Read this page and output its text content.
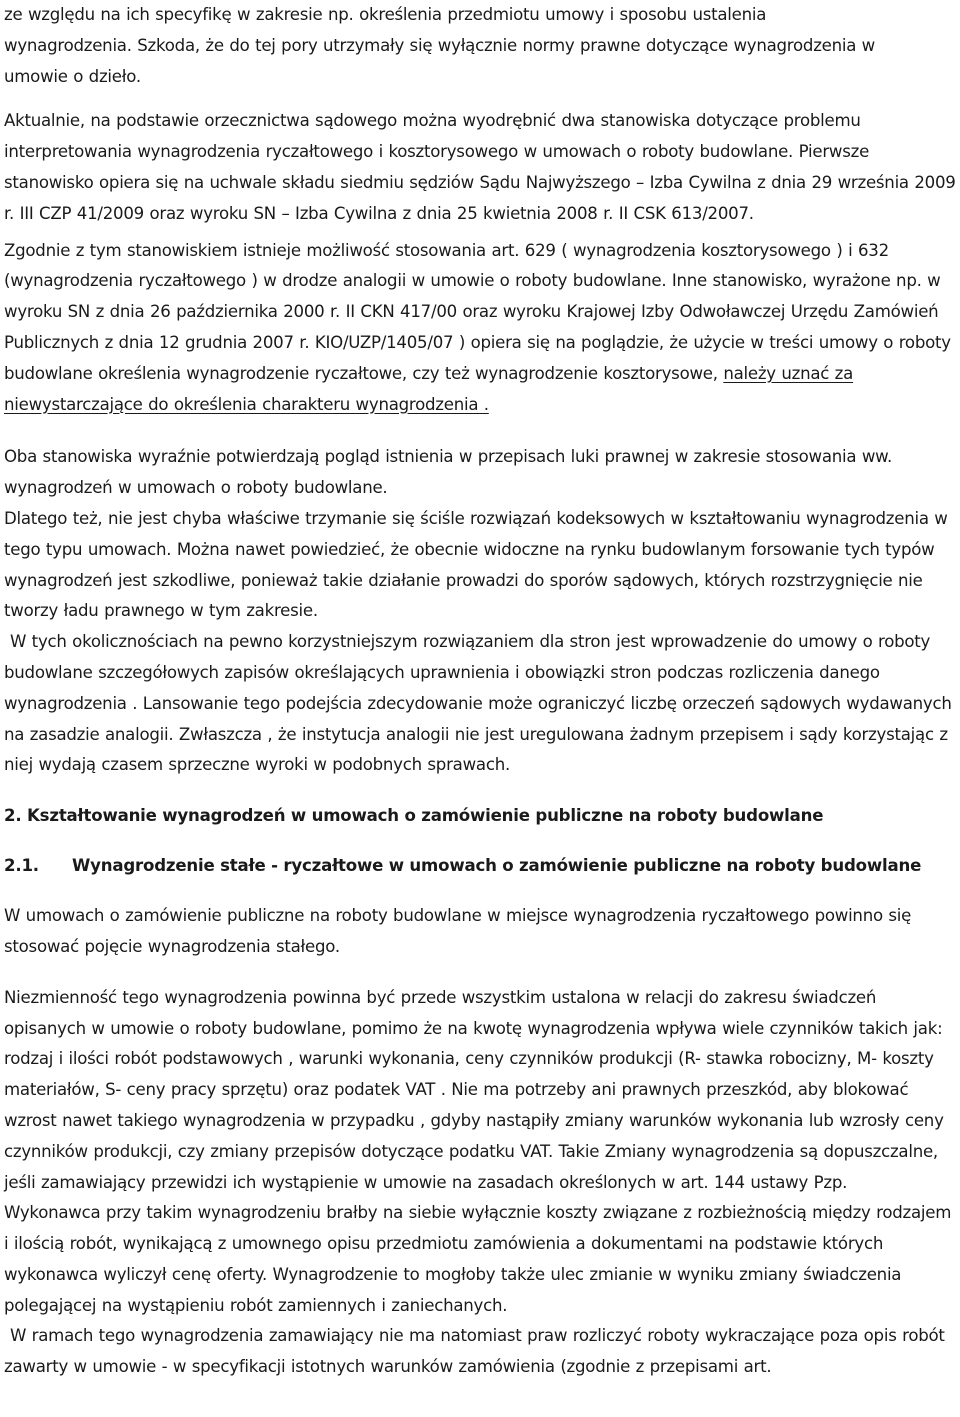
ze względu na ich specyfikę w zakresie np. określenia przedmiotu umowy i sposobu ustalenia
wynagrodzenia. Szkoda, że do tej pory utrzymały się wyłącznie normy prawne dotyczące wynagrodzenia w
umowie o dzieło.

Aktualnie, na podstawie orzecznictwa sądowego można wyodrębnić dwa stanowiska dotyczące problemu interpretowania wynagrodzenia ryczałtowego i kosztorysowego w umowach o roboty budowlane. Pierwsze stanowisko opiera się na uchwale składu siedmiu sędziów Sądu Najwyższego – Izba Cywilna z dnia 29 września 2009 r. III CZP 41/2009 oraz wyroku SN – Izba Cywilna z dnia 25 kwietnia 2008 r. II CSK 613/2007.

Zgodnie z tym stanowiskiem istnieje możliwość stosowania art. 629 ( wynagrodzenia kosztorysowego ) i 632 (wynagrodzenia ryczałtowego ) w drodze analogii w umowie o roboty budowlane. Inne stanowisko, wyrażone np. w wyroku SN z dnia 26 października 2000 r. II CKN 417/00 oraz wyroku Krajowej Izby Odwoławczej Urzędu Zamówień Publicznych z dnia 12 grudnia 2007 r. KIO/UZP/1405/07 ) opiera się na poglądzie, że użycie w treści umowy o roboty budowlane określenia wynagrodzenie ryczałtowe, czy też wynagrodzenie kosztorysowe, należy uznać za niewystarczające do określenia charakteru wynagrodzenia .

Oba stanowiska wyraźnie potwierdzają pogląd istnienia w przepisach luki prawnej w zakresie stosowania ww. wynagrodzeń w umowach o roboty budowlane.

Dlatego też, nie jest chyba właściwe trzymanie się ściśle rozwiązań kodeksowych w kształtowaniu wynagrodzenia w tego typu umowach. Można nawet powiedzieć, że obecnie widoczne na rynku budowlanym forsowanie tych typów wynagrodzeń jest szkodliwe, ponieważ takie działanie prowadzi do sporów sądowych, których rozstrzygnięcie nie tworzy ładu prawnego w tym zakresie.

W tych okolicznościach na pewno korzystniejszym rozwiązaniem dla stron jest wprowadzenie do umowy o roboty budowlane szczegółowych zapisów określających uprawnienia i obowiązki stron podczas rozliczenia danego wynagrodzenia . Lansowanie tego podejścia zdecydowanie może ograniczyć liczbę orzeczeń sądowych wydawanych na zasadzie analogii. Zwłaszcza , że instytucja analogii nie jest uregulowana żadnym przepisem i sądy korzystając z niej wydają czasem sprzeczne wyroki w podobnych sprawach.

2. Kształtowanie wynagrodzeń w umowach o zamówienie publiczne na roboty budowlane
2.1. Wynagrodzenie stałe - ryczałtowe w umowach o zamówienie publiczne na roboty budowlane

W umowach o zamówienie publiczne na roboty budowlane w miejsce wynagrodzenia ryczałtowego powinno się stosować pojęcie wynagrodzenia stałego.

Niezmienność tego wynagrodzenia powinna być przede wszystkim ustalona w relacji do zakresu świadczeń opisanych w umowie o roboty budowlane, pomimo że na kwotę wynagrodzenia wpływa wiele czynników takich jak: rodzaj i ilości robót podstawowych , warunki wykonania, ceny czynników produkcji (R- stawka robocizny, M- koszty materiałów, S- ceny pracy sprzętu) oraz podatek VAT . Nie ma potrzeby ani prawnych przeszkód, aby blokować wzrost nawet takiego wynagrodzenia w przypadku , gdyby nastąpiły zmiany warunków wykonania lub wzrosły ceny czynników produkcji, czy zmiany przepisów dotyczące podatku VAT. Takie Zmiany wynagrodzenia są dopuszczalne, jeśli zamawiający przewidzi ich wystąpienie w umowie na zasadach określonych w art. 144 ustawy Pzp.

Wykonawca przy takim wynagrodzeniu brałby na siebie wyłącznie koszty związane z rozbieżnością między rodzajem i ilością robót, wynikającą z umownego opisu przedmiotu zamówienia a dokumentami na podstawie których wykonawca wyliczył cenę oferty. Wynagrodzenie to mogłoby także ulec zmianie w wyniku zmiany świadczenia polegającej na wystąpieniu robót zamiennych i zaniechanych.

W ramach tego wynagrodzenia zamawiający nie ma natomiast praw rozliczyć roboty wykraczające poza opis robót zawarty w umowie - w specyfikacji istotnych warunków zamówienia (zgodnie z przepisami art.
